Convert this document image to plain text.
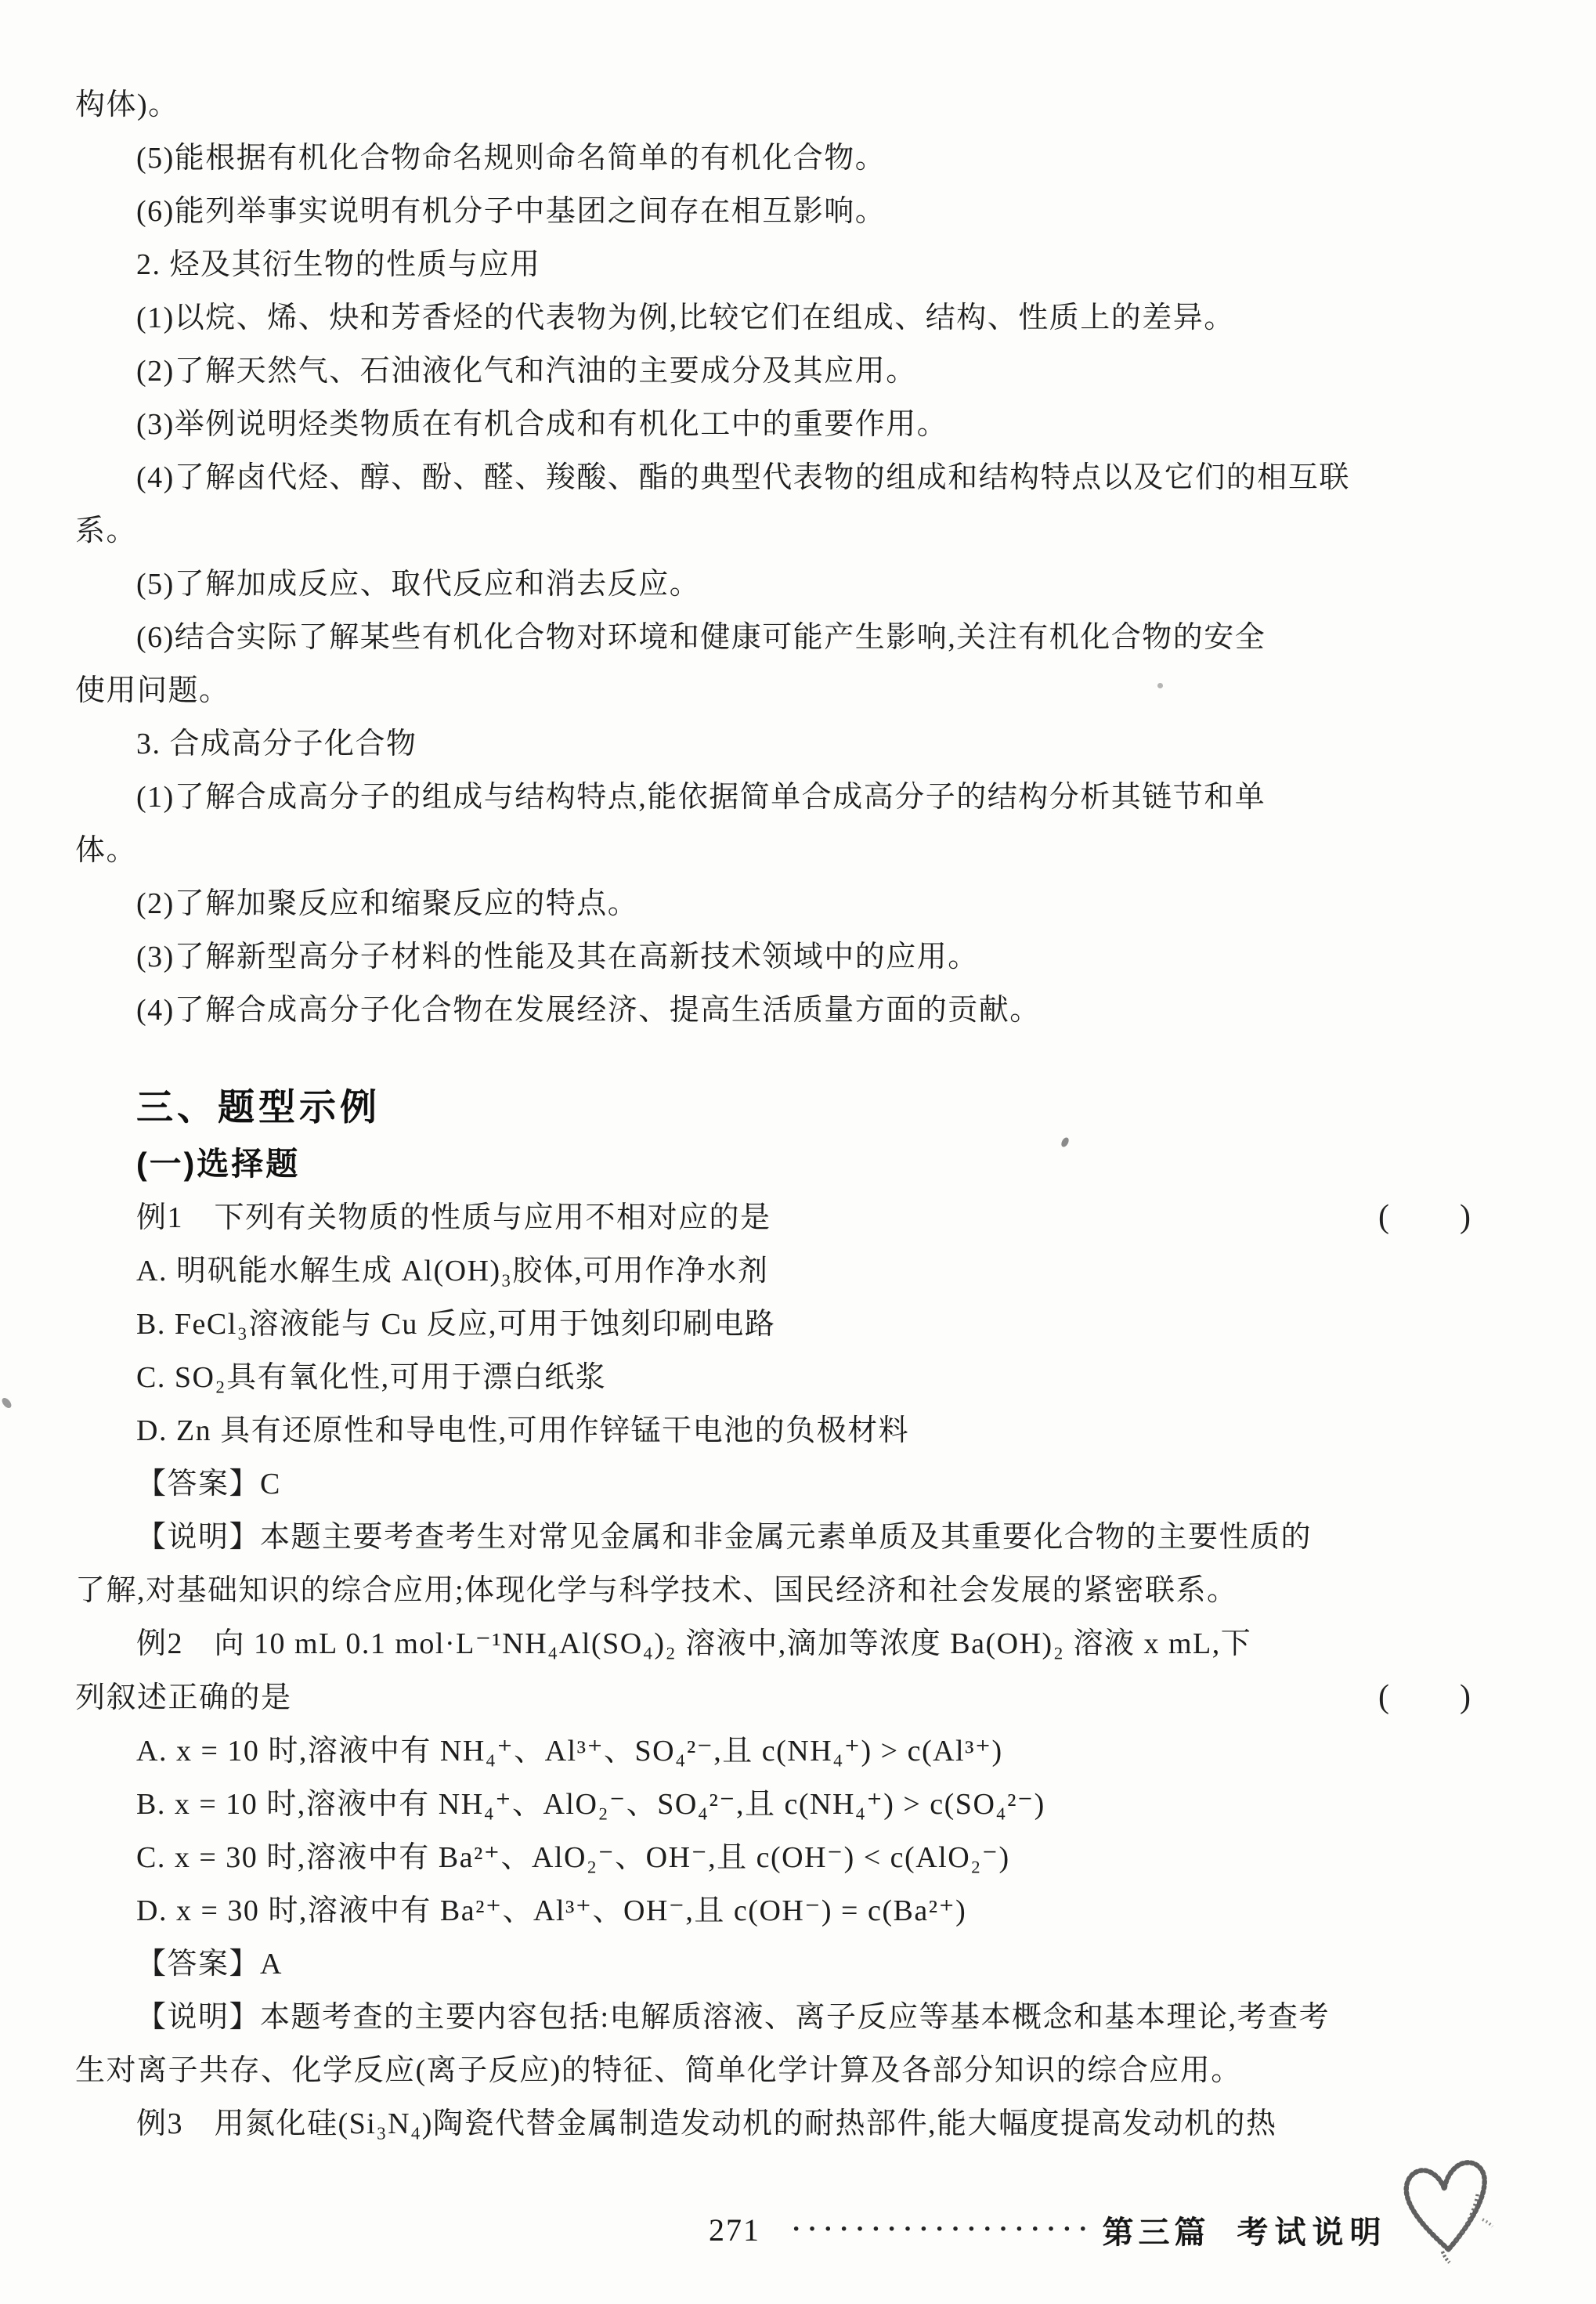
构体)。

(5)能根据有机化合物命名规则命名简单的有机化合物。

(6)能列举事实说明有机分子中基团之间存在相互影响。

2. 烃及其衍生物的性质与应用

(1)以烷、烯、炔和芳香烃的代表物为例,比较它们在组成、结构、性质上的差异。

(2)了解天然气、石油液化气和汽油的主要成分及其应用。

(3)举例说明烃类物质在有机合成和有机化工中的重要作用。

(4)了解卤代烃、醇、酚、醛、羧酸、酯的典型代表物的组成和结构特点以及它们的相互联

系。

(5)了解加成反应、取代反应和消去反应。

(6)结合实际了解某些有机化合物对环境和健康可能产生影响,关注有机化合物的安全

使用问题。

3. 合成高分子化合物

(1)了解合成高分子的组成与结构特点,能依据简单合成高分子的结构分析其链节和单

体。

(2)了解加聚反应和缩聚反应的特点。

(3)了解新型高分子材料的性能及其在高新技术领域中的应用。

(4)了解合成高分子化合物在发展经济、提高生活质量方面的贡献。

三、题型示例
(一)选择题
例1　下列有关物质的性质与应用不相对应的是	(　　)

A. 明矾能水解生成 Al(OH)₃胶体,可用作净水剂

B. FeCl₃溶液能与 Cu 反应,可用于蚀刻印刷电路

C. SO₂具有氧化性,可用于漂白纸浆

D. Zn 具有还原性和导电性,可用作锌锰干电池的负极材料

【答案】C

【说明】本题主要考查考生对常见金属和非金属元素单质及其重要化合物的主要性质的

了解,对基础知识的综合应用;体现化学与科学技术、国民经济和社会发展的紧密联系。

例2　向 10 mL 0.1 mol·L⁻¹NH₄Al(SO₄)₂ 溶液中,滴加等浓度 Ba(OH)₂ 溶液 x mL,下

列叙述正确的是	(　　)

A. x = 10 时,溶液中有 NH₄⁺、Al³⁺、SO₄²⁻,且 c(NH₄⁺) > c(Al³⁺)

B. x = 10 时,溶液中有 NH₄⁺、AlO₂⁻、SO₄²⁻,且 c(NH₄⁺) > c(SO₄²⁻)

C. x = 30 时,溶液中有 Ba²⁺、AlO₂⁻、OH⁻,且 c(OH⁻) < c(AlO₂⁻)

D. x = 30 时,溶液中有 Ba²⁺、Al³⁺、OH⁻,且 c(OH⁻) = c(Ba²⁺)

【答案】A

【说明】本题考查的主要内容包括:电解质溶液、离子反应等基本概念和基本理论,考查考

生对离子共存、化学反应(离子反应)的特征、简单化学计算及各部分知识的综合应用。

例3　用氮化硅(Si₃N₄)陶瓷代替金属制造发动机的耐热部件,能大幅度提高发动机的热

271 ··················· 第三篇 考试说明
